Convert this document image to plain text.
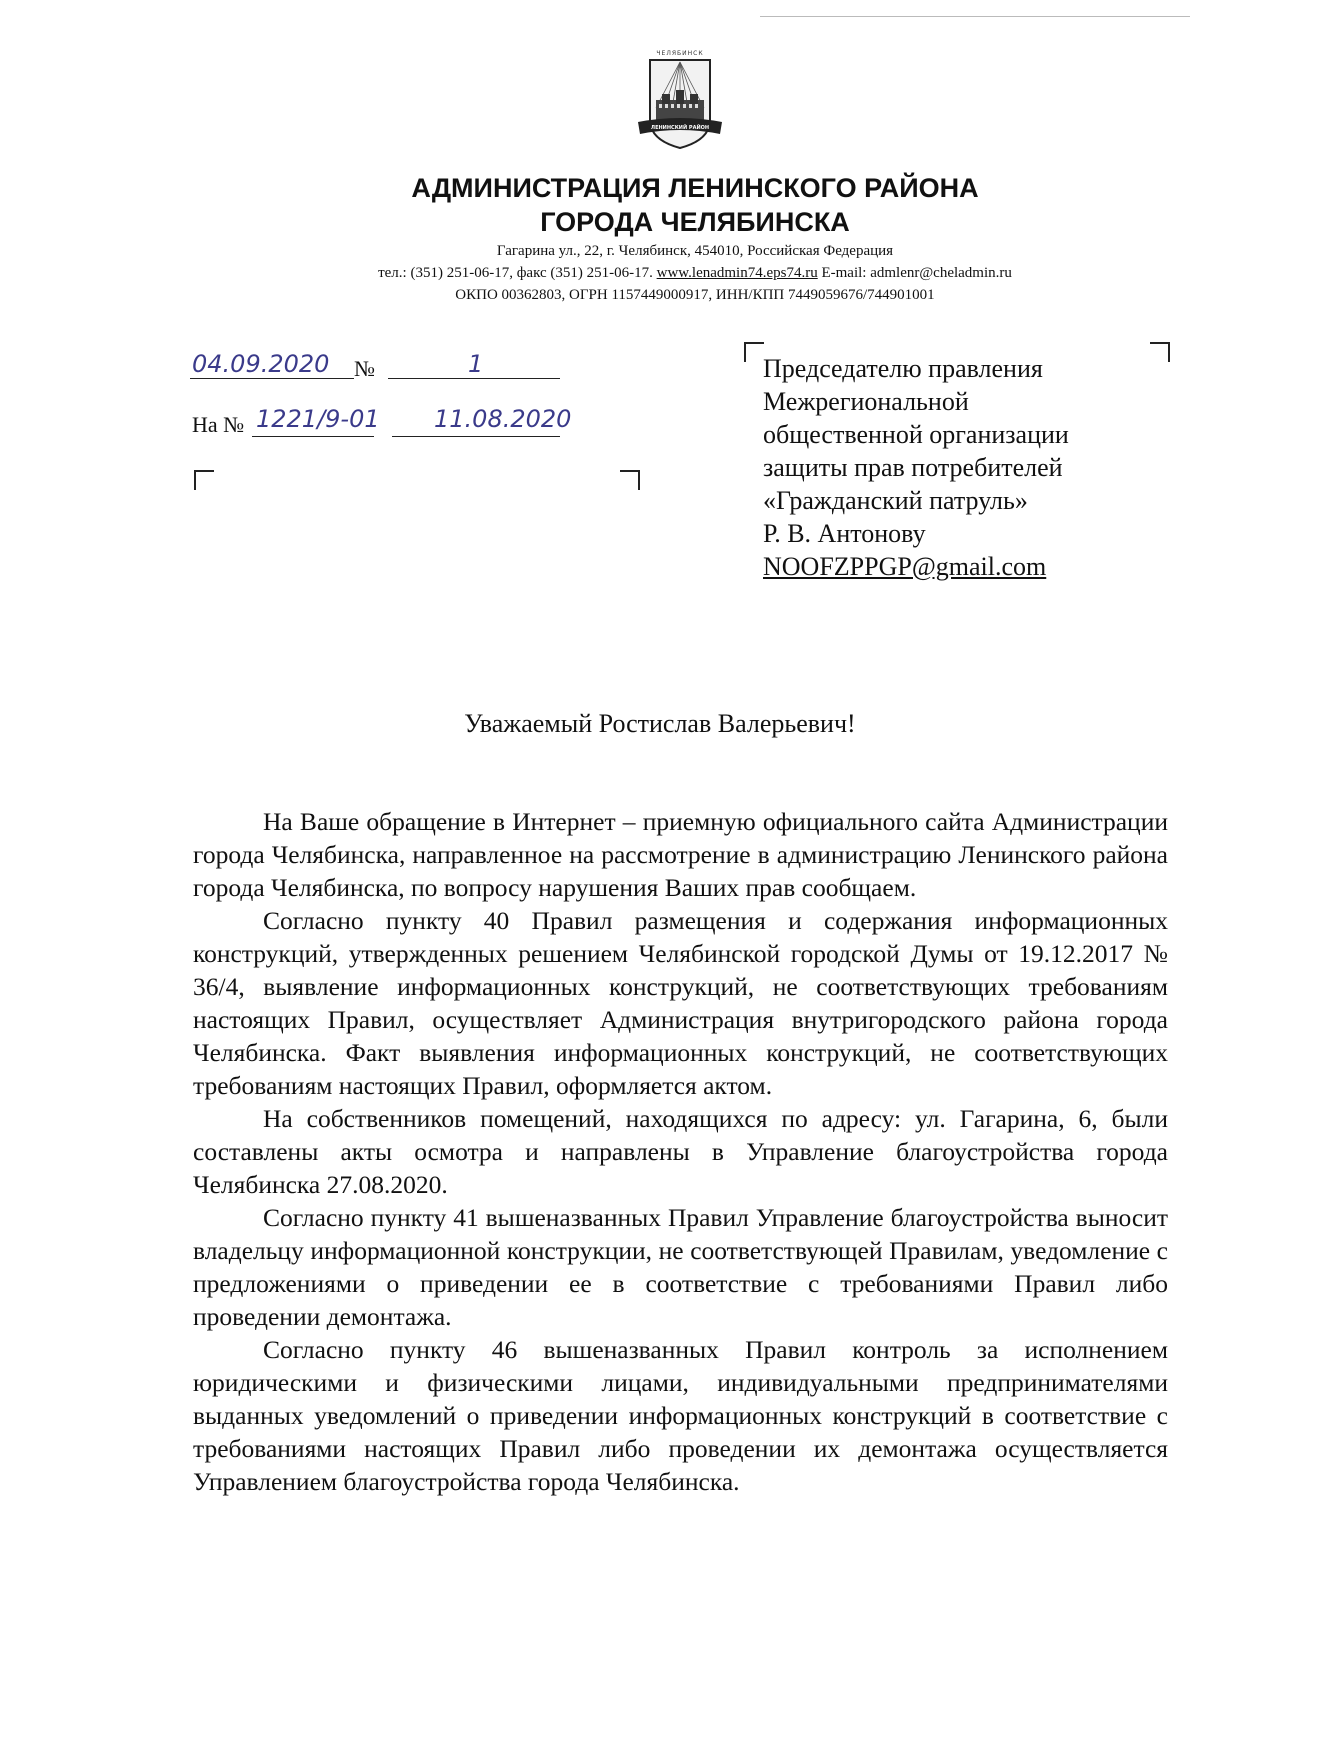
ЧЕЛЯБИНСК
ЛЕНИНСКИЙ РАЙОН
АДМИНИСТРАЦИЯ ЛЕНИНСКОГО РАЙОНА
ГОРОДА ЧЕЛЯБИНСКА

Гагарина ул., 22, г. Челябинск, 454010, Российская Федерация

тел.: (351) 251-06-17, факс (351) 251-06-17. www.lenadmin74.eps74.ru E-mail: admlenr@cheladmin.ru

ОКПО 00362803, ОГРН 1157449000917, ИНН/КПП 7449059676/744901001

04.09.2020 №	1
На № 1221/9-01 11.08.2020
Председателю правления
Межрегиональной
общественной организации
защиты прав потребителей
«Гражданский патруль»
Р. В. Антонову
NOOFZPPGP@gmail.com

Уважаемый Ростислав Валерьевич!

На Ваше обращение в Интернет – приемную официального сайта Администрации города Челябинска, направленное на рассмотрение в администрацию Ленинского района города Челябинска, по вопросу нарушения Ваших прав сообщаем.

Согласно пункту 40 Правил размещения и содержания информационных конструкций, утвержденных решением Челябинской городской Думы от 19.12.2017 № 36/4, выявление информационных конструкций, не соответствующих требованиям настоящих Правил, осуществляет Администрация внутригородского района города Челябинска. Факт выявления информационных конструкций, не соответствующих требованиям настоящих Правил, оформляется актом.

На собственников помещений, находящихся по адресу: ул. Гагарина, 6, были составлены акты осмотра и направлены в Управление благоустройства города Челябинска 27.08.2020.

Согласно пункту 41 вышеназванных Правил Управление благоустройства выносит владельцу информационной конструкции, не соответствующей Правилам, уведомление с предложениями о приведении ее в соответствие с требованиями Правил либо проведении демонтажа.

Согласно пункту 46 вышеназванных Правил контроль за исполнением юридическими и физическими лицами, индивидуальными предпринимателями выданных уведомлений о приведении информационных конструкций в соответствие с требованиями настоящих Правил либо проведении их демонтажа осуществляется Управлением благоустройства города Челябинска.
